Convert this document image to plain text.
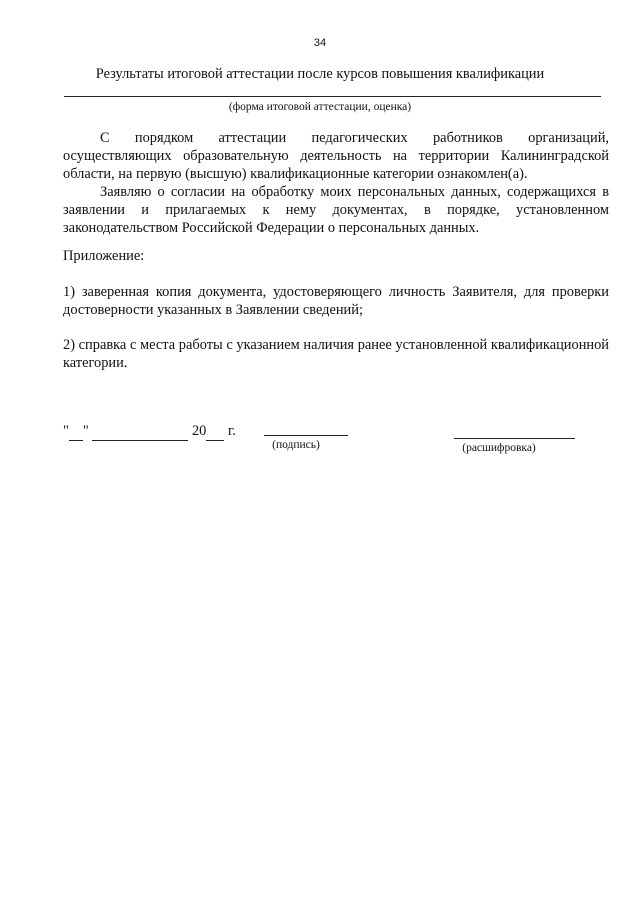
34
Результаты итоговой аттестации после курсов повышения квалификации
(форма итоговой аттестации, оценка)

С порядком аттестации педагогических работников организаций, осуществляющих образовательную деятельность на территории Калининградской области, на первую (высшую) квалификационные категории ознакомлен(а).

Заявляю о согласии на обработку моих персональных данных, содержащихся в заявлении и прилагаемых к нему документах, в порядке, установленном законодательством Российской Федерации о персональных данных.

Приложение:

1) заверенная копия документа, удостоверяющего личность Заявителя, для проверки достоверности указанных в Заявлении сведений;

2) справка с места работы с указанием наличия ранее установленной квалификационной категории.

" "	20 г.
(подпись)	(расшифровка)
